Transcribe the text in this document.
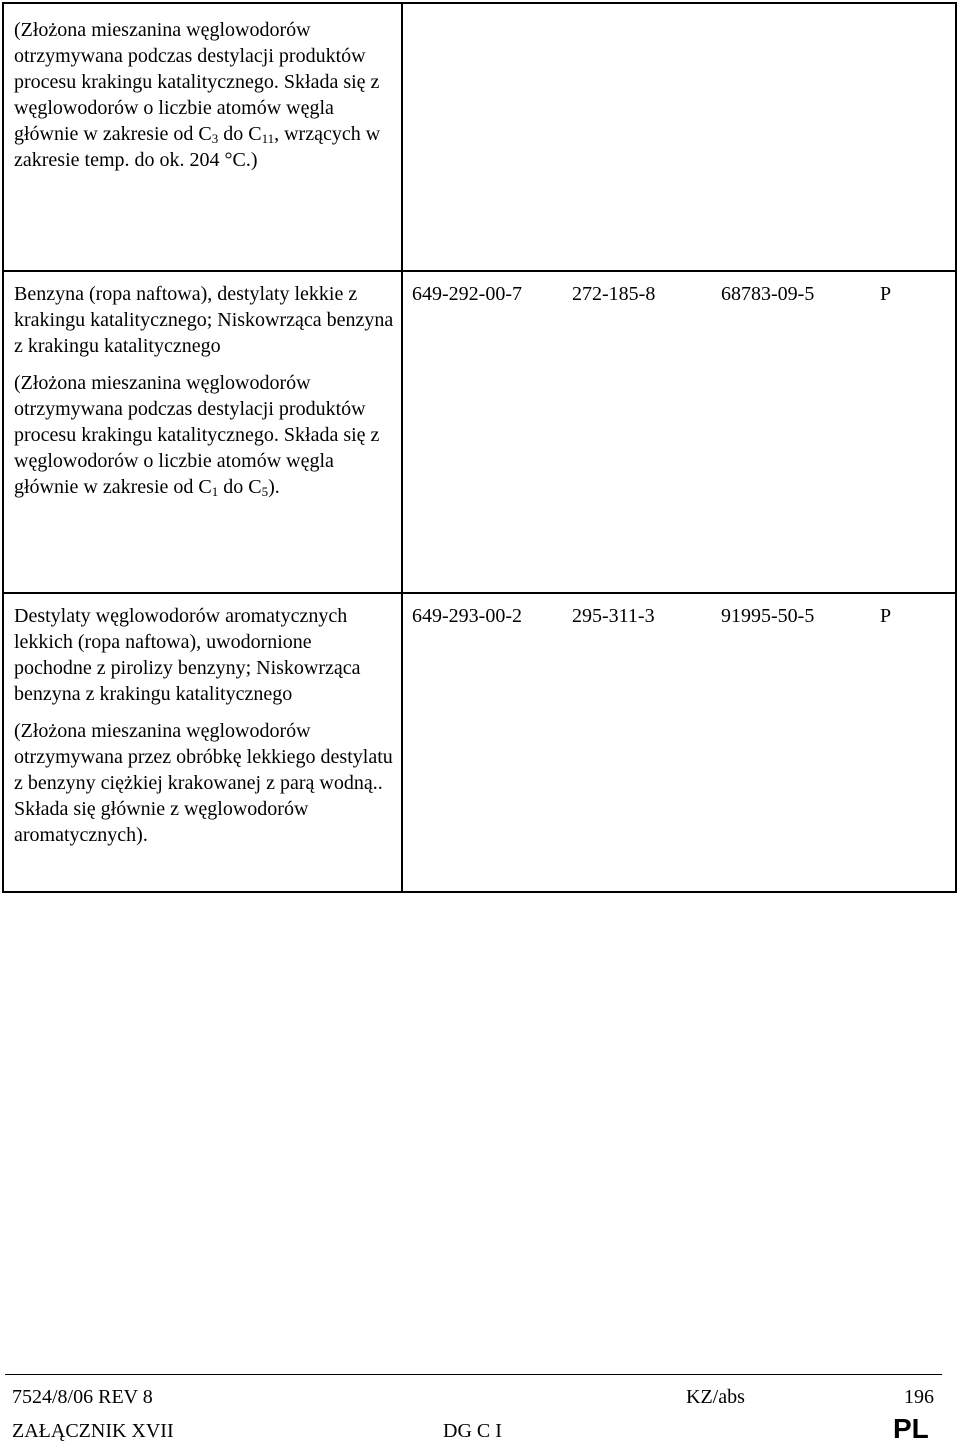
(Złożona mieszanina węglowodorów otrzymywana podczas destylacji produktów procesu krakingu katalitycznego. Składa się z węglowodorów o liczbie atomów węgla głównie w zakresie od $C_3$ do $C_{11}$, wrzących w zakresie temp. do ok. 204 °C.)

Benzyna (ropa naftowa), destylaty lekkie z krakingu katalitycznego; Niskowrząca benzyna z krakingu katalitycznego

(Złożona mieszanina węglowodorów otrzymywana podczas destylacji produktów procesu krakingu katalitycznego. Składa się z węglowodorów o liczbie atomów węgla głównie w zakresie od $C_1$ do $C_5$).

649-292-00-7	272-185-8	68783-09-5	P

Destylaty węglowodorów aromatycznych lekkich (ropa naftowa), uwodornione pochodne z pirolizy benzyny; Niskowrząca benzyna z krakingu katalitycznego

(Złożona mieszanina węglowodorów otrzymywana przez obróbkę lekkiego destylatu z benzyny ciężkiej krakowanej z parą wodną.. Składa się głównie z węglowodorów aromatycznych).

649-293-00-2	295-311-3	91995-50-5	P
7524/8/06 REV 8	KZ/abs	196
ZAŁĄCZNIK XVII	DG C I	PL
